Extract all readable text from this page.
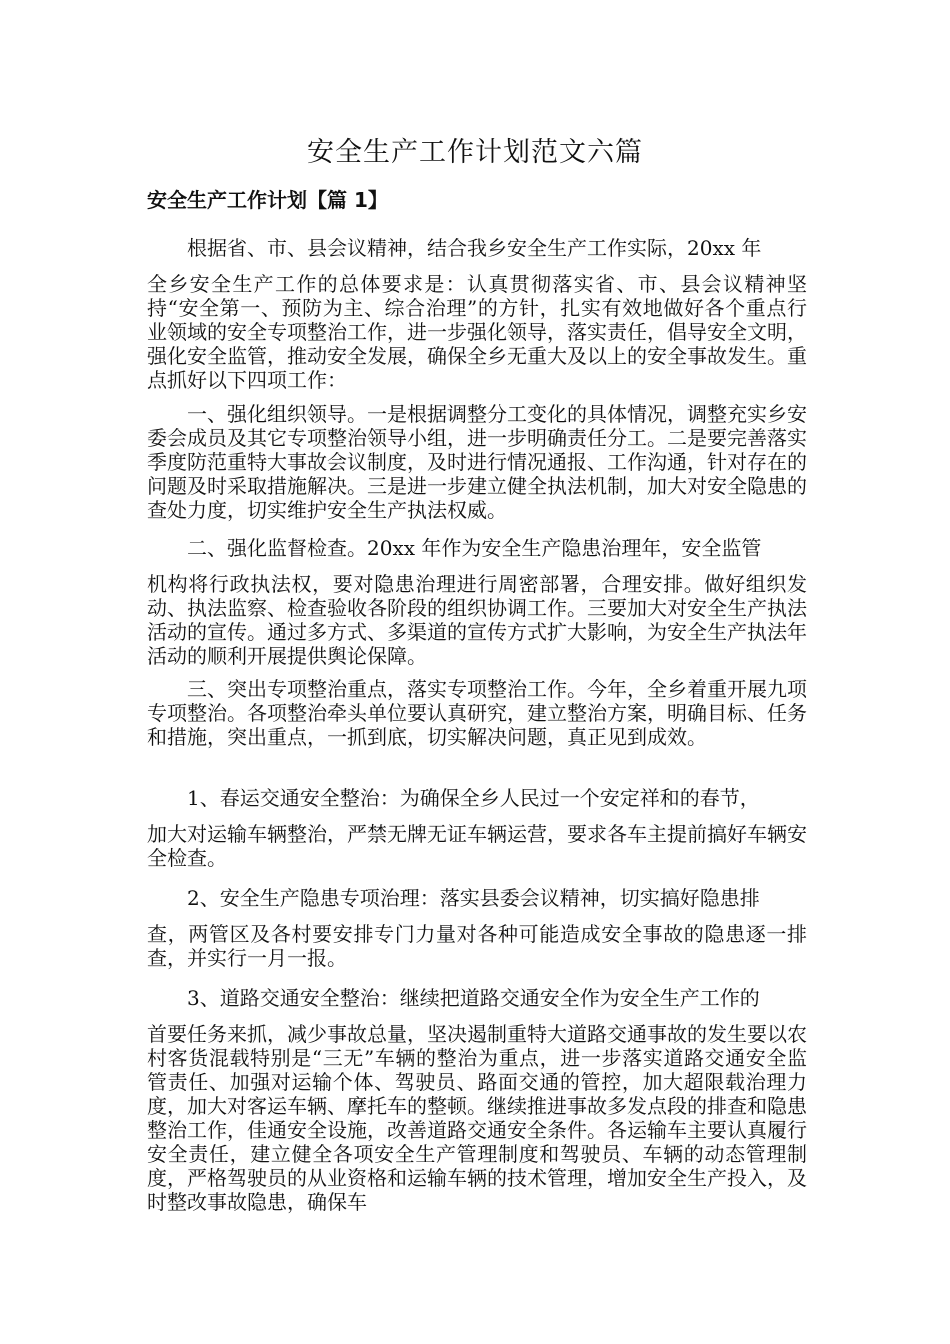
安全生产工作计划范文六篇
安全生产工作计划【篇 1】

根据省、市、县会议精神，结合我乡安全生产工作实际，20xx 年
全乡安全生产工作的总体要求是：认真贯彻落实省、市、县会议精神坚持“安全第一、预防为主、综合治理”的方针，扎实有效地做好各个重点行业领域的安全专项整治工作，进一步强化领导，落实责任，倡导安全文明，强化安全监管，推动安全发展，确保全乡无重大及以上的安全事故发生。重点抓好以下四项工作：

一、强化组织领导。一是根据调整分工变化的具体情况，调整充实乡安委会成员及其它专项整治领导小组，进一步明确责任分工。二是要完善落实季度防范重特大事故会议制度，及时进行情况通报、工作沟通，针对存在的问题及时采取措施解决。三是进一步建立健全执法机制，加大对安全隐患的查处力度，切实维护安全生产执法权威。

二、强化监督检查。20xx 年作为安全生产隐患治理年，安全监管
机构将行政执法权，要对隐患治理进行周密部署，合理安排。做好组织发动、执法监察、检查验收各阶段的组织协调工作。三要加大对安全生产执法活动的宣传。通过多方式、多渠道的宣传方式扩大影响，为安全生产执法年活动的顺利开展提供舆论保障。

三、突出专项整治重点，落实专项整治工作。今年，全乡着重开展九项专项整治。各项整治牵头单位要认真研究，建立整治方案，明确目标、任务和措施，突出重点，一抓到底，切实解决问题，真正见到成效。

1、春运交通安全整治：为确保全乡人民过一个安定祥和的春节，
加大对运输车辆整治，严禁无牌无证车辆运营，要求各车主提前搞好车辆安全检查。

2、安全生产隐患专项治理：落实县委会议精神，切实搞好隐患排
查，两管区及各村要安排专门力量对各种可能造成安全事故的隐患逐一排查，并实行一月一报。

3、道路交通安全整治：继续把道路交通安全作为安全生产工作的
首要任务来抓，减少事故总量，坚决遏制重特大道路交通事故的发生要以农村客货混载特别是“三无”车辆的整治为重点，进一步落实道路交通安全监管责任、加强对运输个体、驾驶员、路面交通的管控，加大超限载治理力度，加大对客运车辆、摩托车的整顿。继续推进事故多发点段的排查和隐患整治工作，佳通安全设施，改善道路交通安全条件。各运输车主要认真履行安全责任，建立健全各项安全生产管理制度和驾驶员、车辆的动态管理制度，严格驾驶员的从业资格和运输车辆的技术管理，增加安全生产投入，及时整改事故隐患，确保车
